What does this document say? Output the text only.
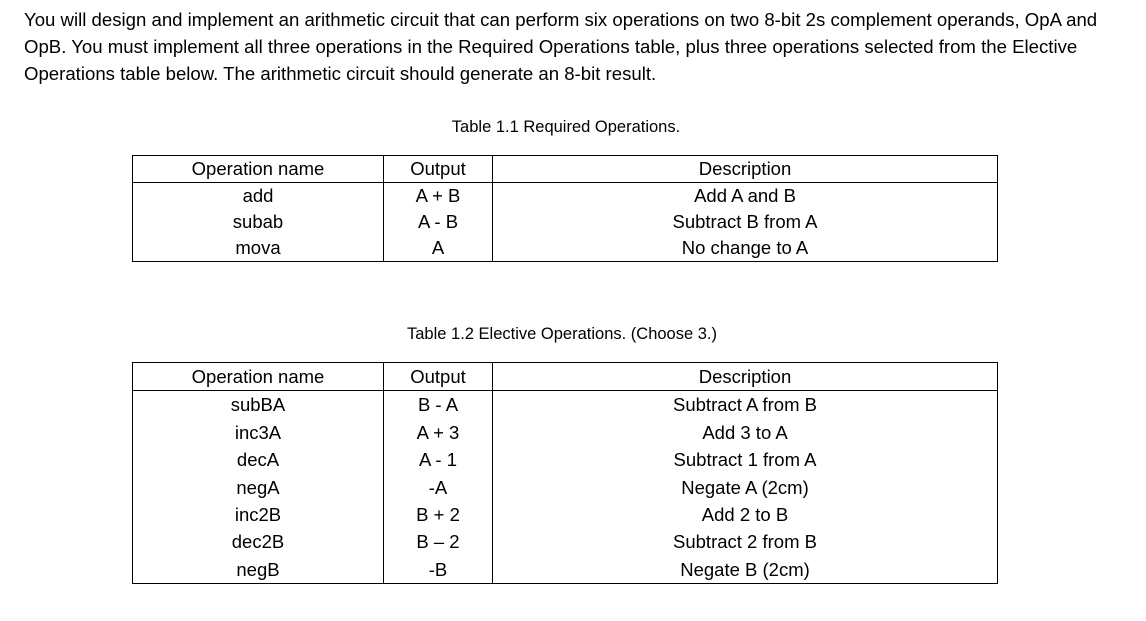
You will design and implement an arithmetic circuit that can perform six operations on two 8-bit 2s complement operands, OpA and OpB. You must implement all three operations in the Required Operations table, plus three operations selected from the Elective Operations table below. The arithmetic circuit should generate an 8-bit result.

Table 1.1 Required Operations.

Operation name	Output	Description
add	A + B	Add A and B
subab	A - B	Subtract B from A
mova	A	No change to A

Table 1.2 Elective Operations. (Choose 3.)

Operation name	Output	Description
subBA	B - A	Subtract A from B
inc3A	A + 3	Add 3 to A
decA	A - 1	Subtract 1 from A
negA	-A	Negate A (2cm)
inc2B	B + 2	Add 2 to B
dec2B	B – 2	Subtract 2 from B
negB	-B	Negate B (2cm)
